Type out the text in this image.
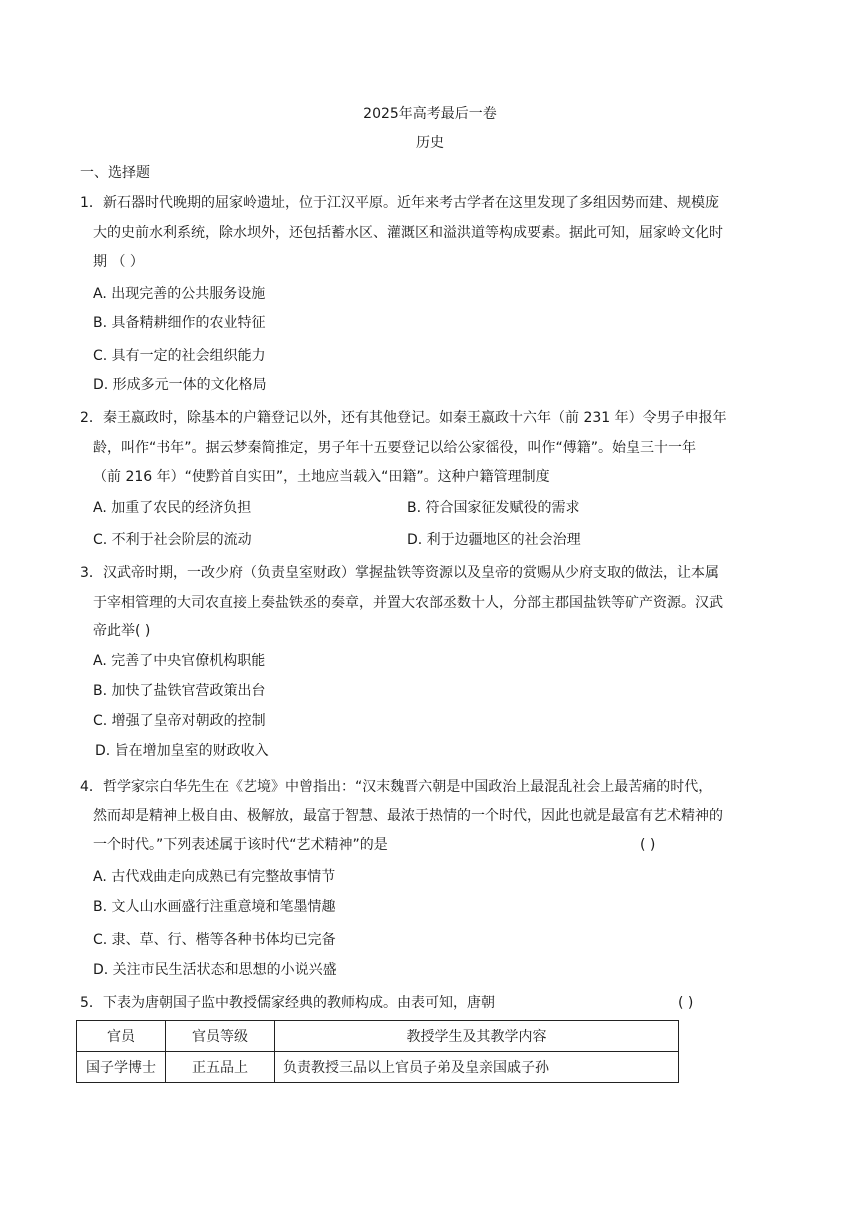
2025年高考最后一卷
历史
一、选择题
1． 新石器时代晚期的屈家岭遗址，位于江汉平原。近年来考古学者在这里发现了多组因势而建、规模庞
大的史前水利系统，除水坝外，还包括蓄水区、灌溉区和溢洪道等构成要素。据此可知，屈家岭文化时
期 （ ）
A. 出现完善的公共服务设施
B. 具备精耕细作的农业特征
C. 具有一定的社会组织能力
D. 形成多元一体的文化格局
2． 秦王嬴政时，除基本的户籍登记以外，还有其他登记。如秦王嬴政十六年（前 231 年）令男子申报年
龄，叫作“书年”。据云梦秦简推定，男子年十五要登记以给公家徭役，叫作“傅籍”。始皇三十一年
（前 216 年）“使黔首自实田”，土地应当载入“田籍”。这种户籍管理制度
A. 加重了农民的经济负担	B. 符合国家征发赋役的需求
C. 不利于社会阶层的流动	D. 利于边疆地区的社会治理
3． 汉武帝时期，一改少府（负责皇室财政）掌握盐铁等资源以及皇帝的赏赐从少府支取的做法，让本属
于宰相管理的大司农直接上奏盐铁丞的奏章，并置大农部丞数十人，分部主郡国盐铁等矿产资源。汉武
帝此举( )
A. 完善了中央官僚机构职能
B. 加快了盐铁官营政策出台
C. 增强了皇帝对朝政的控制
D. 旨在增加皇室的财政收入
4． 哲学家宗白华先生在《艺境》中曾指出：“汉末魏晋六朝是中国政治上最混乱社会上最苦痛的时代，
然而却是精神上极自由、极解放，最富于智慧、最浓于热情的一个时代，因此也就是最富有艺术精神的
一个时代。”下列表述属于该时代“艺术精神”的是	( )
A. 古代戏曲走向成熟已有完整故事情节
B. 文人山水画盛行注重意境和笔墨情趣
C. 隶、草、行、楷等各种书体均已完备
D. 关注市民生活状态和思想的小说兴盛
5． 下表为唐朝国子监中教授儒家经典的教师构成。由表可知，唐朝	( )
官员	官员等级	教授学生及其教学内容
国子学博士	正五品上	负责教授三品以上官员子弟及皇亲国戚子孙
